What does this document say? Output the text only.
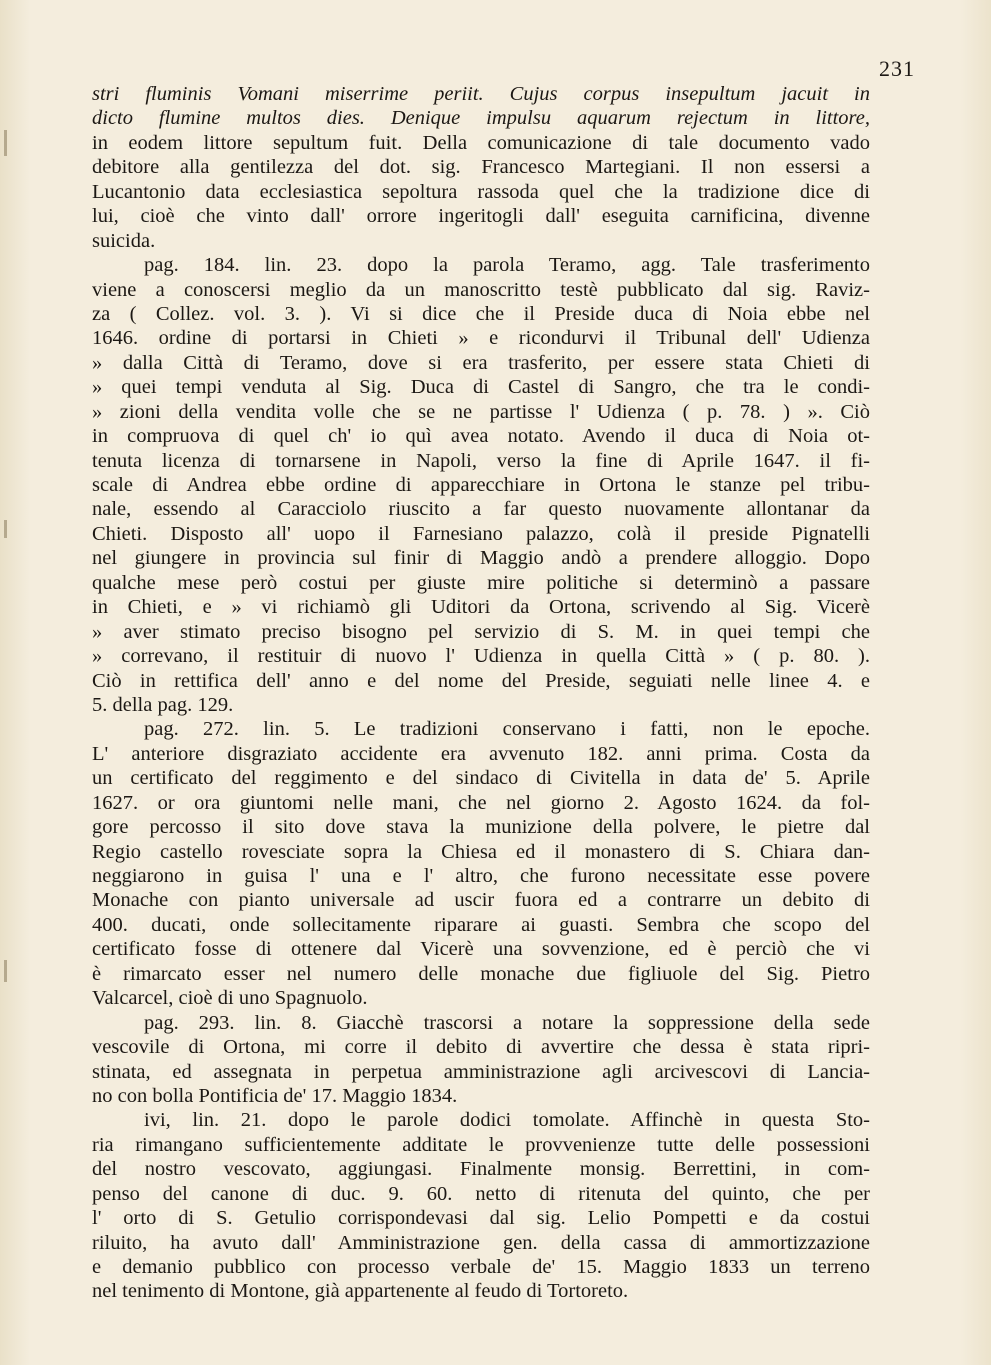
231
stri fluminis Vomani miserrime periit. Cujus corpus insepultum jacuit in
dicto flumine multos dies. Denique impulsu aquarum rejectum in littore,
in eodem littore sepultum fuit. Della comunicazione di tale documento vado
debitore alla gentilezza del dot. sig. Francesco Martegiani. Il non essersi a
Lucantonio data ecclesiastica sepoltura rassoda quel che la tradizione dice di
lui, cioè che vinto dall' orrore ingeritogli dall' eseguita carnificina, divenne
suicida.
pag. 184. lin. 23. dopo la parola Teramo, agg. Tale trasferimento
viene a conoscersi meglio da un manoscritto testè pubblicato dal sig. Raviz-
za ( Collez. vol. 3. ). Vi si dice che il Preside duca di Noia ebbe nel
1646. ordine di portarsi in Chieti » e ricondurvi il Tribunal dell' Udienza
» dalla Città di Teramo, dove si era trasferito, per essere stata Chieti di
» quei tempi venduta al Sig. Duca di Castel di Sangro, che tra le condi-
» zioni della vendita volle che se ne partisse l' Udienza ( p. 78. ) ». Ciò
in compruova di quel ch' io quì avea notato. Avendo il duca di Noia ot-
tenuta licenza di tornarsene in Napoli, verso la fine di Aprile 1647. il fi-
scale di Andrea ebbe ordine di apparecchiare in Ortona le stanze pel tribu-
nale, essendo al Caracciolo riuscito a far questo nuovamente allontanar da
Chieti. Disposto all' uopo il Farnesiano palazzo, colà il preside Pignatelli
nel giungere in provincia sul finir di Maggio andò a prendere alloggio. Dopo
qualche mese però costui per giuste mire politiche si determinò a passare
in Chieti, e » vi richiamò gli Uditori da Ortona, scrivendo al Sig. Vicerè
» aver stimato preciso bisogno pel servizio di S. M. in quei tempi che
» correvano, il restituir di nuovo l' Udienza in quella Città » ( p. 80. ).
Ciò in rettifica dell' anno e del nome del Preside, seguiati nelle linee 4. e
5. della pag. 129.
pag. 272. lin. 5. Le tradizioni conservano i fatti, non le epoche.
L' anteriore disgraziato accidente era avvenuto 182. anni prima. Costa da
un certificato del reggimento e del sindaco di Civitella in data de' 5. Aprile
1627. or ora giuntomi nelle mani, che nel giorno 2. Agosto 1624. da fol-
gore percosso il sito dove stava la munizione della polvere, le pietre dal
Regio castello rovesciate sopra la Chiesa ed il monastero di S. Chiara dan-
neggiarono in guisa l' una e l' altro, che furono necessitate esse povere
Monache con pianto universale ad uscir fuora ed a contrarre un debito di
400. ducati, onde sollecitamente riparare ai guasti. Sembra che scopo del
certificato fosse di ottenere dal Vicerè una sovvenzione, ed è perciò che vi
è rimarcato esser nel numero delle monache due figliuole del Sig. Pietro
Valcarcel, cioè di uno Spagnuolo.
pag. 293. lin. 8. Giacchè trascorsi a notare la soppressione della sede
vescovile di Ortona, mi corre il debito di avvertire che dessa è stata ripri-
stinata, ed assegnata in perpetua amministrazione agli arcivescovi di Lancia-
no con bolla Pontificia de' 17. Maggio 1834.
ivi, lin. 21. dopo le parole dodici tomolate. Affinchè in questa Sto-
ria rimangano sufficientemente additate le provvenienze tutte delle possessioni
del nostro vescovato, aggiungasi. Finalmente monsig. Berrettini, in com-
penso del canone di duc. 9. 60. netto di ritenuta del quinto, che per
l' orto di S. Getulio corrispondevasi dal sig. Lelio Pompetti e da costui
riluito, ha avuto dall' Amministrazione gen. della cassa di ammortizzazione
e demanio pubblico con processo verbale de' 15. Maggio 1833 un terreno
nel tenimento di Montone, già appartenente al feudo di Tortoreto.
